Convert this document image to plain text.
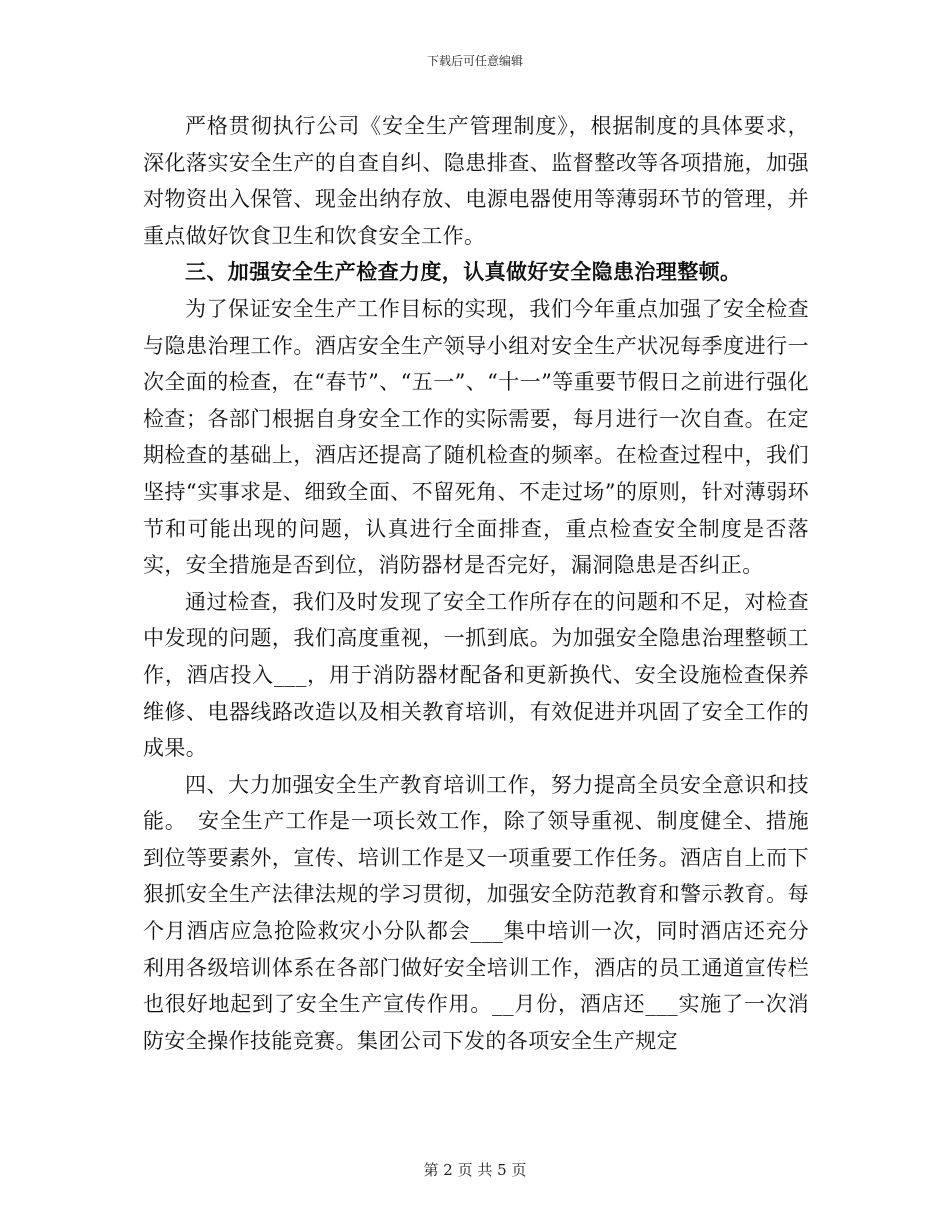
下载后可任意编辑

严格贯彻执行公司《安全生产管理制度》，根据制度的具体要求，深化落实安全生产的自查自纠、隐患排查、监督整改等各项措施，加强对物资出入保管、现金出纳存放、电源电器使用等薄弱环节的管理，并重点做好饮食卫生和饮食安全工作。

三、加强安全生产检查力度，认真做好安全隐患治理整顿。

为了保证安全生产工作目标的实现，我们今年重点加强了安全检查与隐患治理工作。酒店安全生产领导小组对安全生产状况每季度进行一次全面的检查，在“春节”、“五一”、“十一”等重要节假日之前进行强化检查；各部门根据自身安全工作的实际需要，每月进行一次自查。在定期检查的基础上，酒店还提高了随机检查的频率。在检查过程中，我们坚持“实事求是、细致全面、不留死角、不走过场”的原则，针对薄弱环节和可能出现的问题，认真进行全面排查，重点检查安全制度是否落实，安全措施是否到位，消防器材是否完好，漏洞隐患是否纠正。

通过检查，我们及时发现了安全工作所存在的问题和不足，对检查中发现的问题，我们高度重视，一抓到底。为加强安全隐患治理整顿工作，酒店投入___，用于消防器材配备和更新换代、安全设施检查保养维修、电器线路改造以及相关教育培训，有效促进并巩固了安全工作的成果。

四、大力加强安全生产教育培训工作，努力提高全员安全意识和技能。　安全生产工作是一项长效工作，除了领导重视、制度健全、措施到位等要素外，宣传、培训工作是又一项重要工作任务。酒店自上而下狠抓安全生产法律法规的学习贯彻，加强安全防范教育和警示教育。每个月酒店应急抢险救灾小分队都会___集中培训一次，同时酒店还充分利用各级培训体系在各部门做好安全培训工作，酒店的员工通道宣传栏也很好地起到了安全生产宣传作用。__月份，酒店还___实施了一次消防安全操作技能竞赛。集团公司下发的各项安全生产规定

第 2 页 共 5 页
